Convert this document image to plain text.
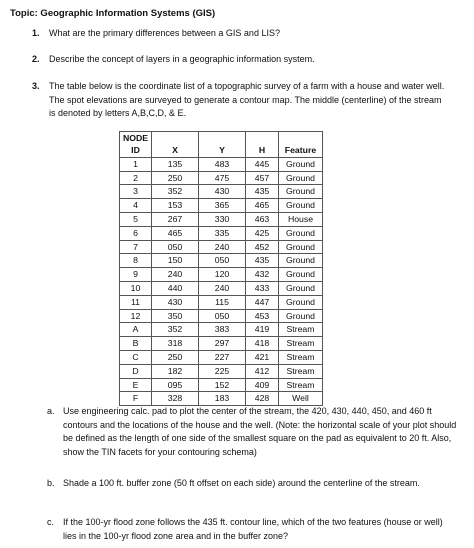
Topic: Geographic Information Systems (GIS)
1. What are the primary differences between a GIS and LIS?
2. Describe the concept of layers in a geographic information system.
3. The table below is the coordinate list of a topographic survey of a farm with a house and water well. The spot elevations are surveyed to generate a contour map. The middle (centerline) of the stream is denoted by letters A,B,C,D, & E.
NODE
ID				
	X	Y	H	Feature
1	135	483	445	Ground
2	250	475	457	Ground
3	352	430	435	Ground
4	153	365	465	Ground
5	267	330	463	House
6	465	335	425	Ground
7	050	240	452	Ground
8	150	050	435	Ground
9	240	120	432	Ground
10	440	240	433	Ground
11	430	115	447	Ground
12	350	050	453	Ground
A	352	383	419	Stream
B	318	297	418	Stream
C	250	227	421	Stream
D	182	225	412	Stream
E	095	152	409	Stream
F	328	183	428	Well
a. Use engineering calc. pad to plot the center of the stream, the 420, 430, 440, 450, and 460 ft contours and the locations of the house and the well. (Note: the horizontal scale of your plot should be defined as the length of one side of the smallest square on the pad as equivalent to 20 ft. Also, show the TIN facets for your contouring schema)
b. Shade a 100 ft. buffer zone (50 ft offset on each side) around the centerline of the stream.
c. If the 100-yr flood zone follows the 435 ft. contour line, which of the two features (house or well) lies in the 100-yr flood zone area and in the buffer zone?
